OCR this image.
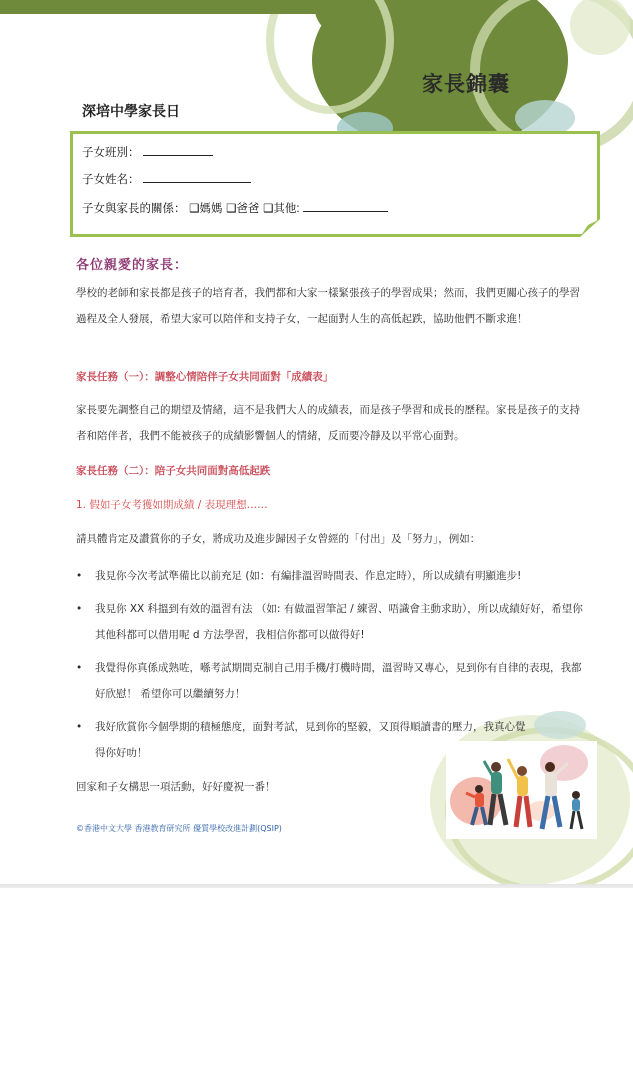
家長錦囊
深培中學家長日
子女班別：
子女姓名：
子女與家長的關係： ❑媽媽 ❑爸爸 ❑其他:
各位親愛的家長：
學校的老師和家長都是孩子的培育者，我們都和大家一樣緊張孩子的學習成果；然而，我們更關心孩子的學習過程及全人發展，希望大家可以陪伴和支持子女，一起面對人生的高低起跌，協助他們不斷求進！
家長任務（一）：調整心情陪伴子女共同面對「成績表」
家長要先調整自己的期望及情緒，這不是我們大人的成績表，而是孩子學習和成長的歷程。家長是孩子的支持者和陪伴者，我們不能被孩子的成績影響個人的情緒，反而要冷靜及以平常心面對。
家長任務（二）：陪子女共同面對高低起跌
1. 假如子女考獲如期成績 / 表現理想……
請具體肯定及讚賞你的子女，將成功及進步歸因子女曾經的「付出」及「努力」，例如：
• 我見你今次考試準備比以前充足 (如：有編排溫習時間表、作息定時），所以成績有明顯進步!
• 我見你 XX 科搵到有效的溫習有法 （如: 有做溫習筆記 / 練習、唔識會主動求助），所以成績好好，希望你其他科都可以借用呢 d 方法學習，我相信你都可以做得好!
• 我覺得你真係成熟咗，喺考試期間克制自己用手機/打機時間，溫習時又專心，見到你有自律的表現，我都好欣慰！ 希望你可以繼續努力！
• 我好欣賞你今個學期的積極態度，面對考試，見到你的堅毅，又頂得順讀書的壓力，我真心覺得你好叻！
回家和子女構思一項活動，好好慶祝一番！
©香港中文大學 香港教育研究所 優質學校改進計劃(QSIP)
